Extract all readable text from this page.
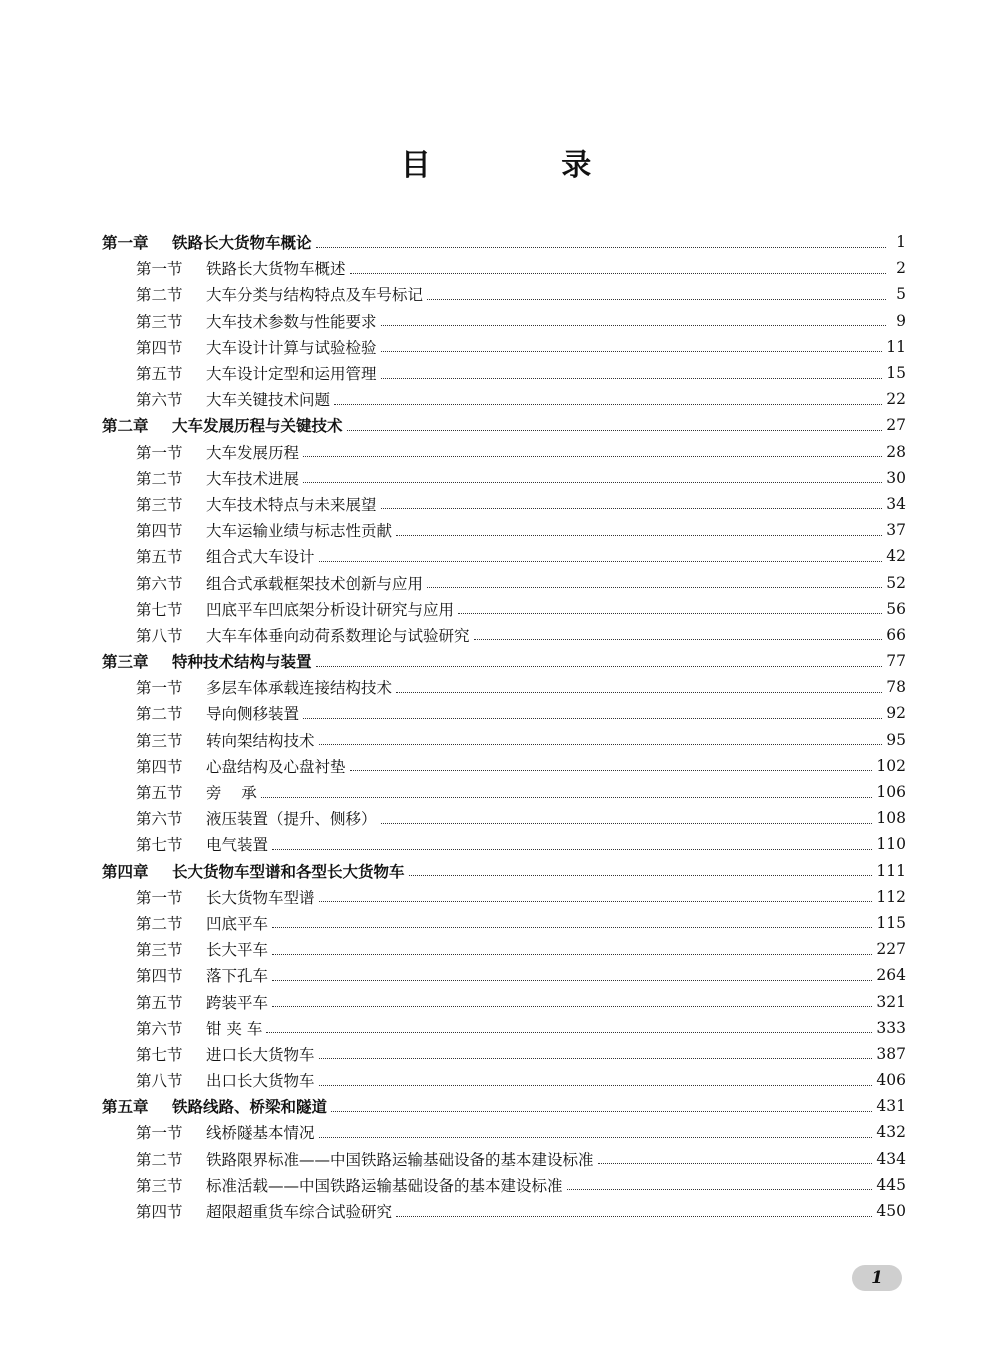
目 录
第一章	铁路长大货物车概论	1
第一节	铁路长大货物车概述	2
第二节	大车分类与结构特点及车号标记	5
第三节	大车技术参数与性能要求	9
第四节	大车设计计算与试验检验	11
第五节	大车设计定型和运用管理	15
第六节	大车关键技术问题	22
第二章	大车发展历程与关键技术	27
第一节	大车发展历程	28
第二节	大车技术进展	30
第三节	大车技术特点与未来展望	34
第四节	大车运输业绩与标志性贡献	37
第五节	组合式大车设计	42
第六节	组合式承载框架技术创新与应用	52
第七节	凹底平车凹底架分析设计研究与应用	56
第八节	大车车体垂向动荷系数理论与试验研究	66
第三章	特种技术结构与装置	77
第一节	多层车体承载连接结构技术	78
第二节	导向侧移装置	92
第三节	转向架结构技术	95
第四节	心盘结构及心盘衬垫	102
第五节	旁    承	106
第六节	液压装置（提升、侧移）	108
第七节	电气装置	110
第四章	长大货物车型谱和各型长大货物车	111
第一节	长大货物车型谱	112
第二节	凹底平车	115
第三节	长大平车	227
第四节	落下孔车	264
第五节	跨装平车	321
第六节	钳 夹 车	333
第七节	进口长大货物车	387
第八节	出口长大货物车	406
第五章	铁路线路、桥梁和隧道	431
第一节	线桥隧基本情况	432
第二节	铁路限界标准——中国铁路运输基础设备的基本建设标准	434
第三节	标准活载——中国铁路运输基础设备的基本建设标准	445
第四节	超限超重货车综合试验研究	450
1
